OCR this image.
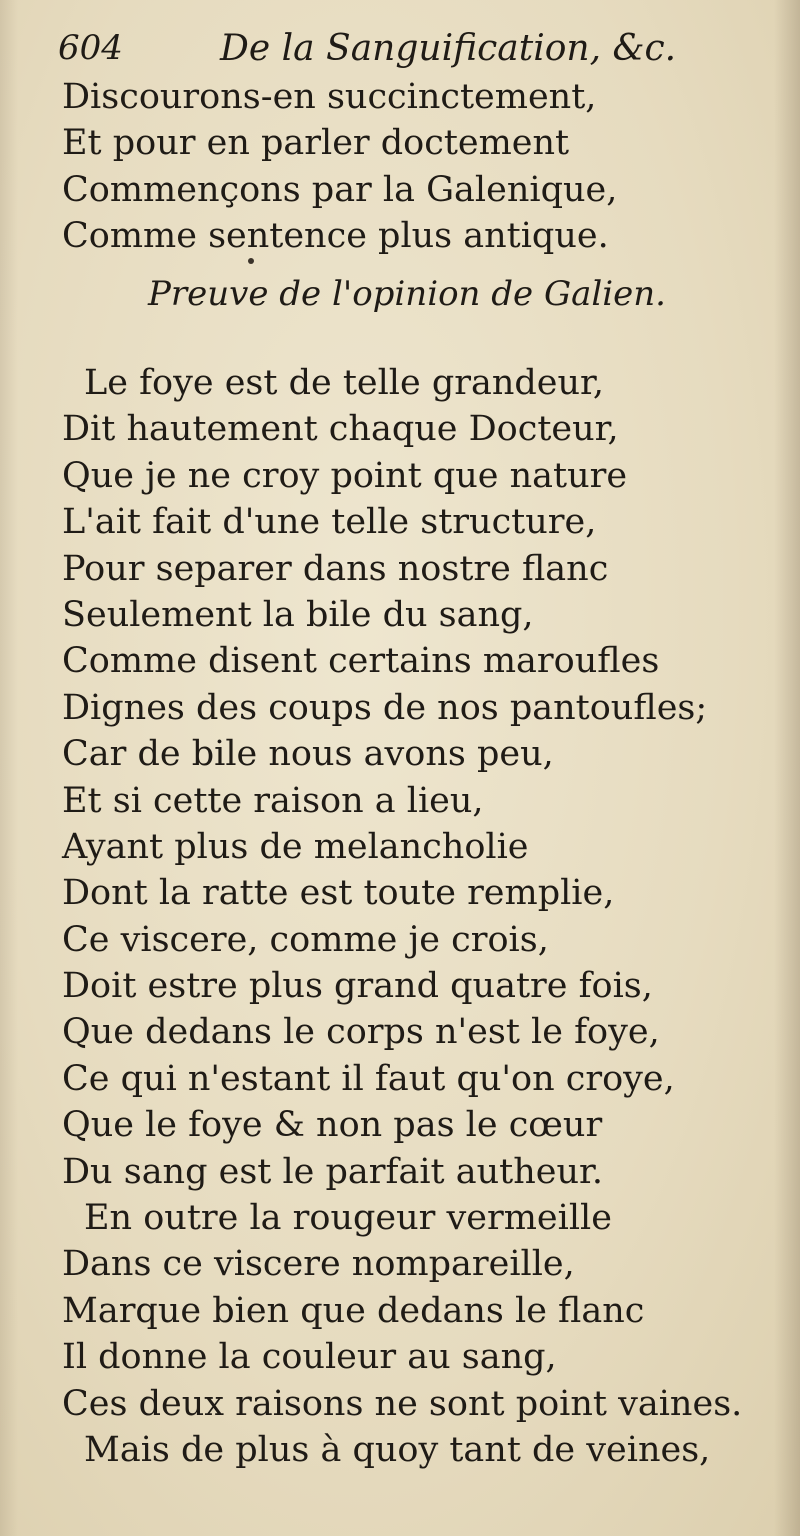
604	De la Sanguification, &c.
Discourons-en succinctement,
Et pour en parler doctement
Commençons par la Galenique,
Comme sentence plus antique.
Preuve de l'opinion de Galien.
Le foye est de telle grandeur,
Dit hautement chaque Docteur,
Que je ne croy point que nature
L'ait fait d'une telle structure,
Pour separer dans nostre flanc
Seulement la bile du sang,
Comme disent certains maroufles
Dignes des coups de nos pantoufles;
Car de bile nous avons peu,
Et si cette raison a lieu,
Ayant plus de melancholie
Dont la ratte est toute remplie,
Ce viscere, comme je crois,
Doit estre plus grand quatre fois,
Que dedans le corps n'est le foye,
Ce qui n'estant il faut qu'on croye,
Que le foye & non pas le cœur
Du sang est le parfait autheur.
En outre la rougeur vermeille
Dans ce viscere nompareille,
Marque bien que dedans le flanc
Il donne la couleur au sang,
Ces deux raisons ne sont point vaines.
Mais de plus à quoy tant de veines,
